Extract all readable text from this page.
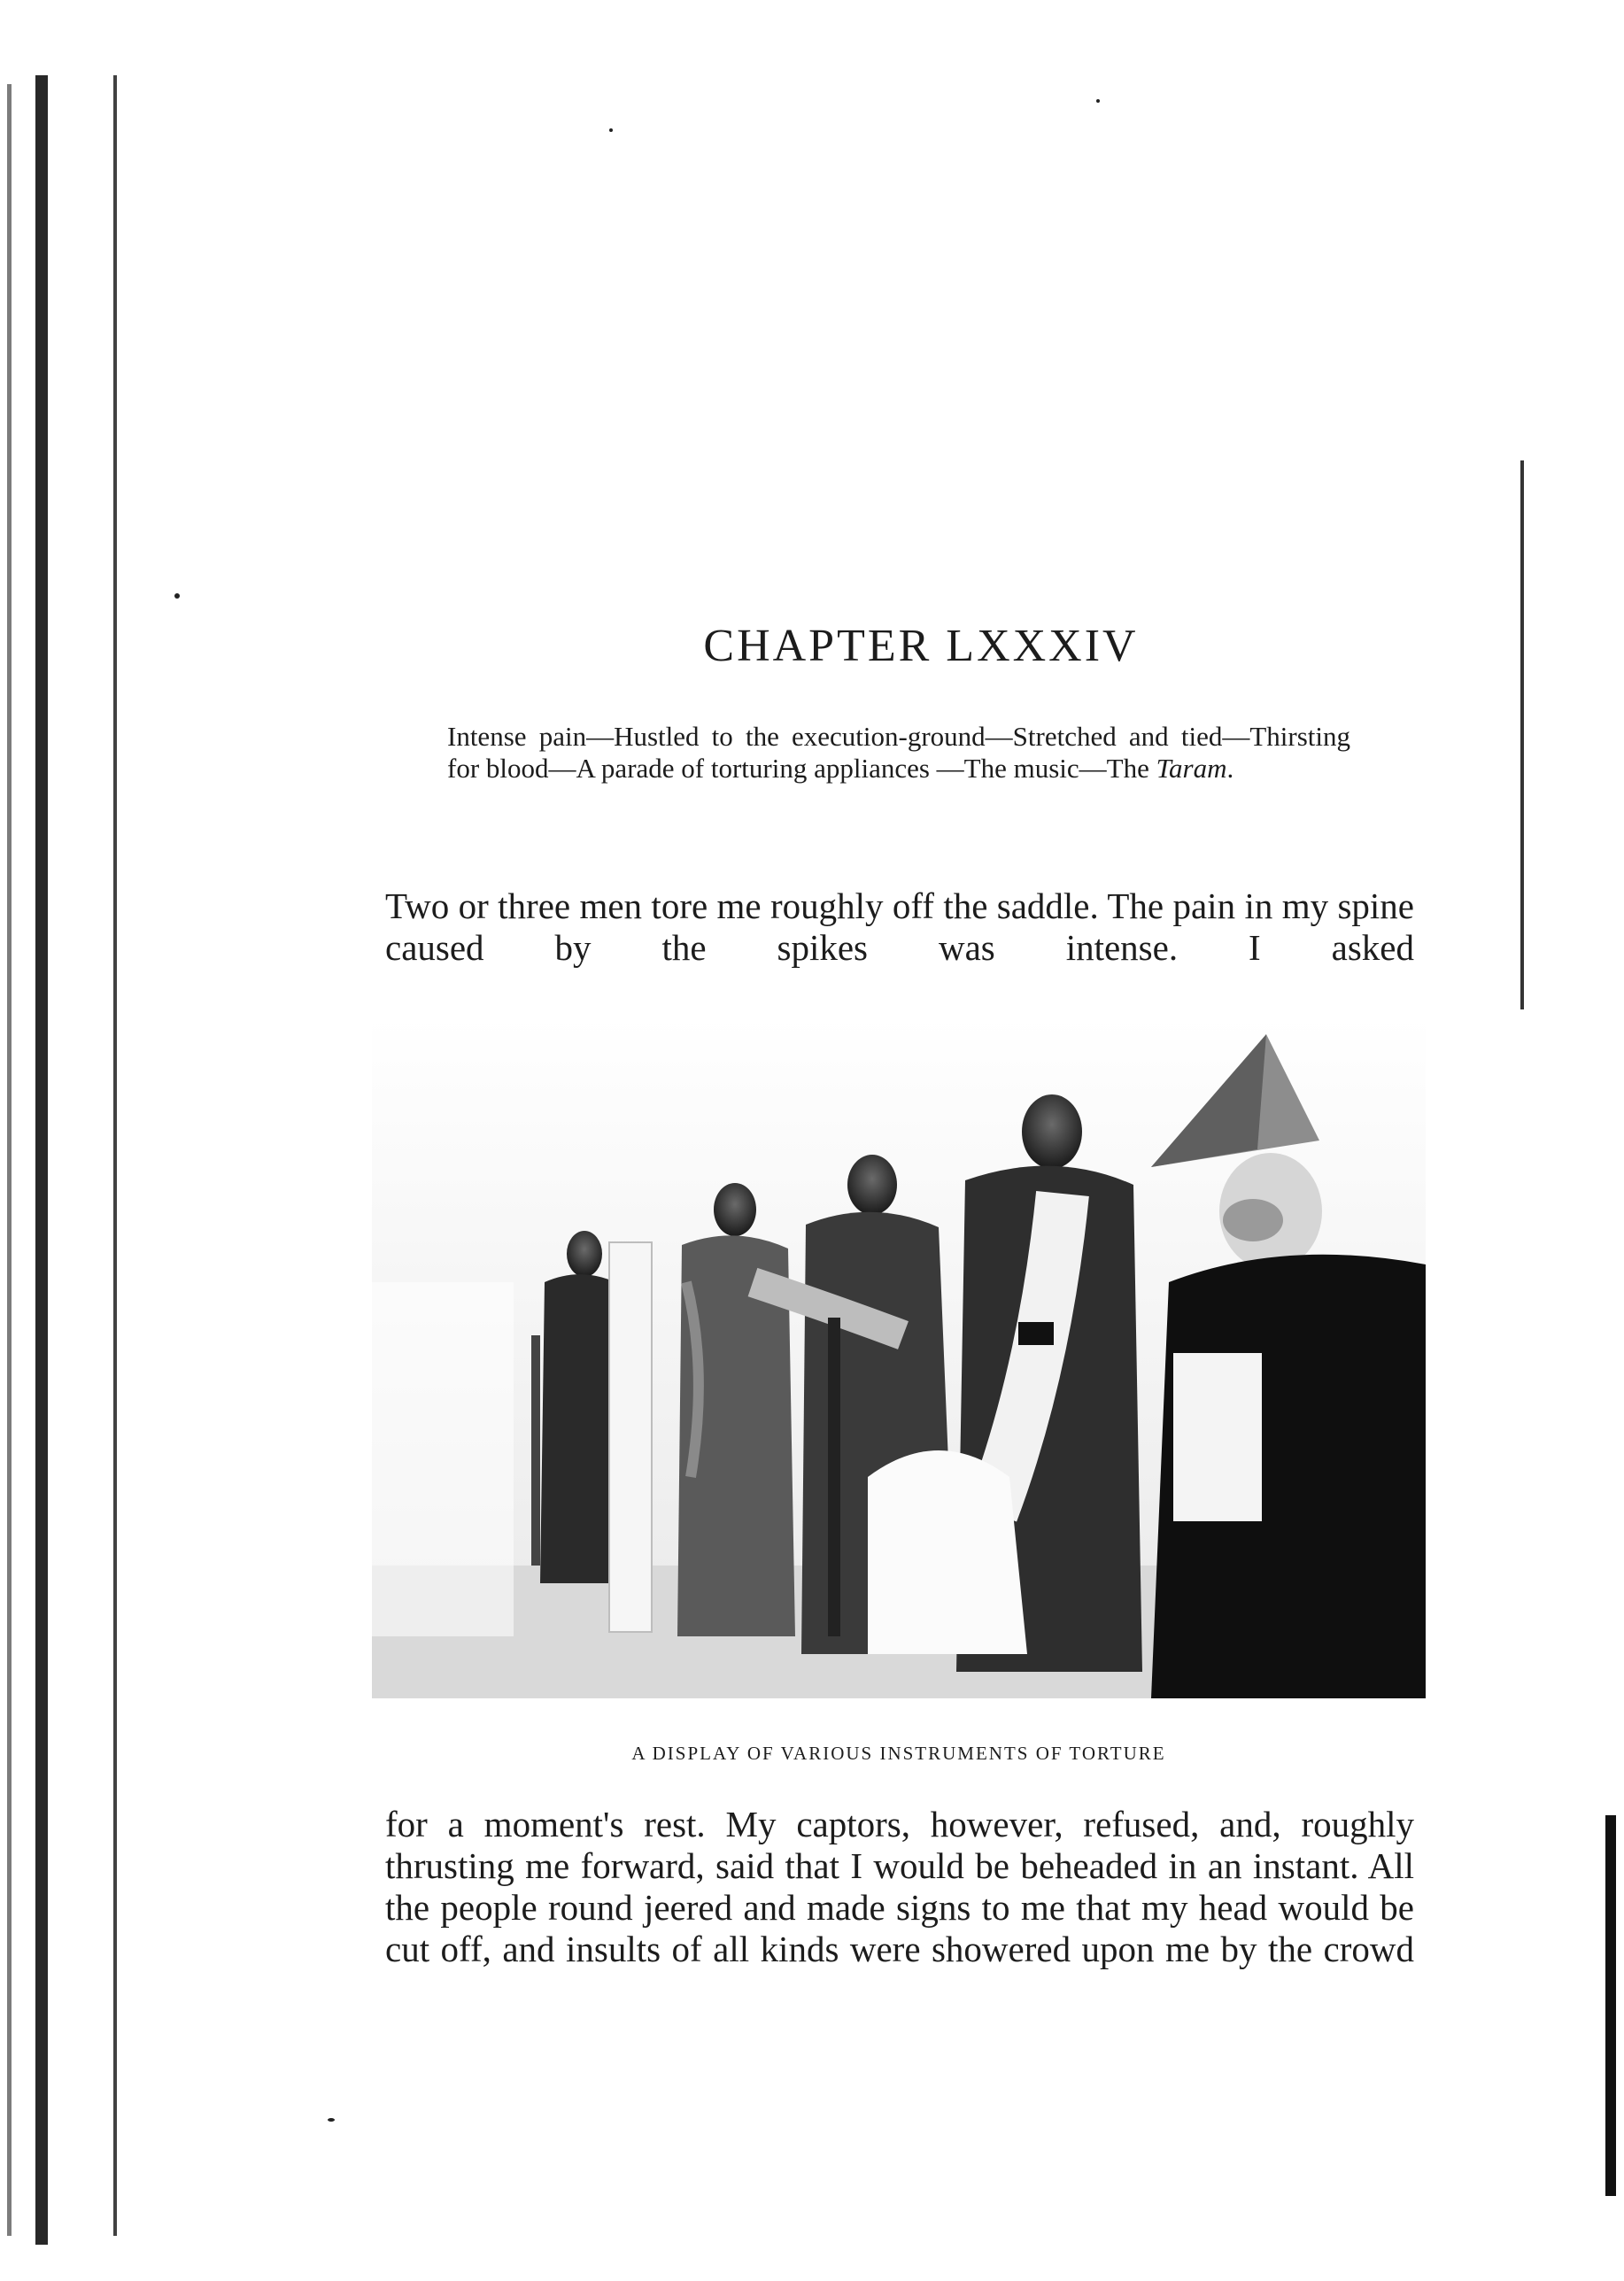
CHAPTER LXXXIV

Intense pain—Hustled to the execution-ground—Stretched and tied—Thirsting for blood—A parade of torturing appliances —The music—The Taram.

Two or three men tore me roughly off the saddle. The pain in my spine caused by the spikes was intense. I asked

A DISPLAY OF VARIOUS INSTRUMENTS OF TORTURE

for a moment's rest. My captors, however, refused, and, roughly thrusting me forward, said that I would be beheaded in an instant. All the people round jeered and made signs to me that my head would be cut off, and insults of all kinds were showered upon me by the crowd
